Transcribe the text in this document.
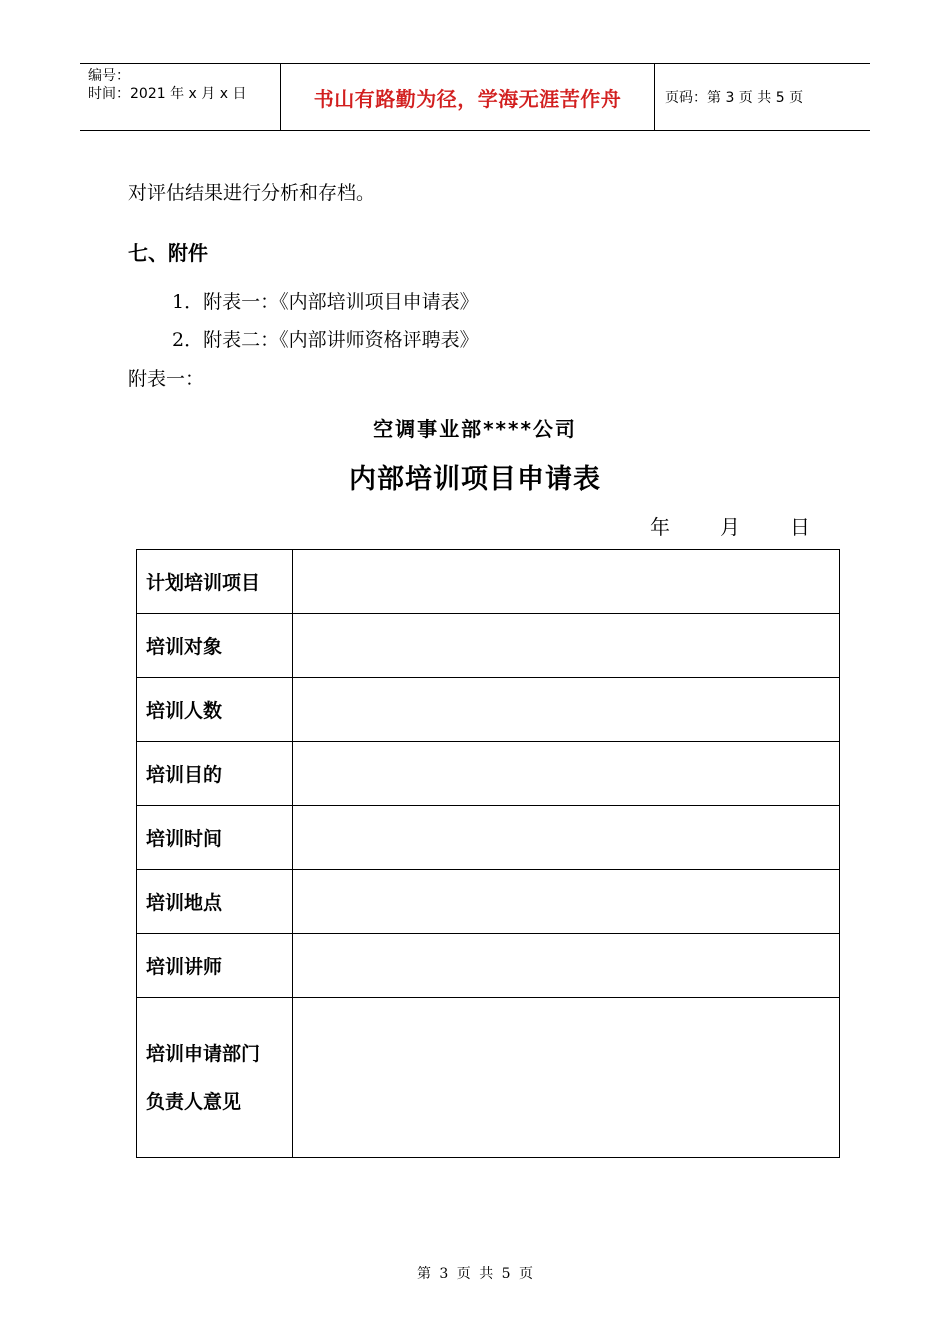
编号：
时间：2021 年 x 月 x 日	书山有路勤为径，学海无涯苦作舟	页码：第 3 页 共 5 页
对评估结果进行分析和存档。
七、附件
1．附表一：《内部培训项目申请表》
2．附表二：《内部讲师资格评聘表》
附表一：
空调事业部****公司
内部培训项目申请表
年	月	日
计划培训项目	
培训对象	
培训人数	
培训目的	
培训时间	
培训地点	
培训讲师	

培训申请部门
负责人意见	

第 3 页 共 5 页
